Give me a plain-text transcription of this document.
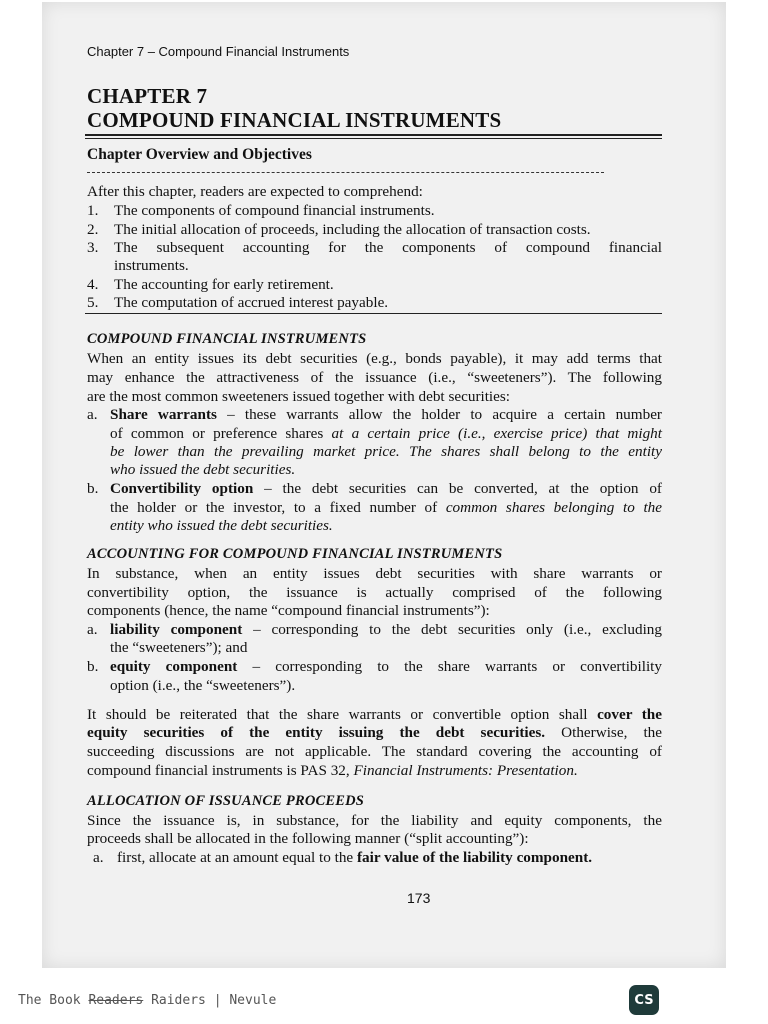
Chapter 7 – Compound Financial Instruments
CHAPTER 7
COMPOUND FINANCIAL INSTRUMENTS
Chapter Overview and Objectives
After this chapter, readers are expected to comprehend:
1. The components of compound financial instruments.
2. The initial allocation of proceeds, including the allocation of transaction costs.
3. The subsequent accounting for the components of compound financial
instruments.
4. The accounting for early retirement.
5. The computation of accrued interest payable.
COMPOUND FINANCIAL INSTRUMENTS
When an entity issues its debt securities (e.g., bonds payable), it may add terms that
may enhance the attractiveness of the issuance (i.e., “sweeteners”). The following
are the most common sweeteners issued together with debt securities:
a. Share warrants – these warrants allow the holder to acquire a certain number
of common or preference shares at a certain price (i.e., exercise price) that might
be lower than the prevailing market price. The shares shall belong to the entity
who issued the debt securities.
b. Convertibility option – the debt securities can be converted, at the option of
the holder or the investor, to a fixed number of common shares belonging to the
entity who issued the debt securities.
ACCOUNTING FOR COMPOUND FINANCIAL INSTRUMENTS
In substance, when an entity issues debt securities with share warrants or
convertibility option, the issuance is actually comprised of the following
components (hence, the name “compound financial instruments”):
a. liability component – corresponding to the debt securities only (i.e., excluding
the “sweeteners”); and
b. equity component – corresponding to the share warrants or convertibility
option (i.e., the “sweeteners”).
It should be reiterated that the share warrants or convertible option shall cover the
equity securities of the entity issuing the debt securities. Otherwise, the
succeeding discussions are not applicable. The standard covering the accounting of
compound financial instruments is PAS 32, Financial Instruments: Presentation.
ALLOCATION OF ISSUANCE PROCEEDS
Since the issuance is, in substance, for the liability and equity components, the
proceeds shall be allocated in the following manner (“split accounting”):
a. first, allocate at an amount equal to the fair value of the liability component.
173
The Book Readers Raiders | Nevule	CS
